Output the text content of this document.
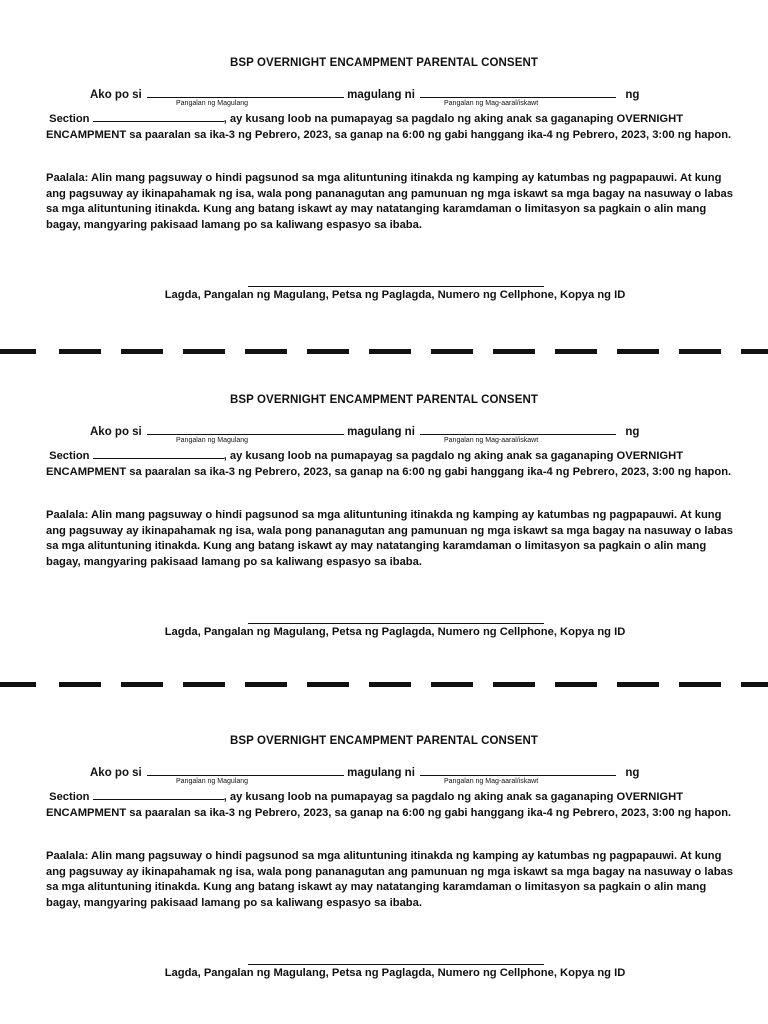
BSP OVERNIGHT ENCAMPMENT PARENTAL CONSENT
Ako po si	magulang ni	ng
Pangalan ng Magulang	Pangalan ng Mag-aaral/iskawt

Section	, ay kusang loob na pumapayag sa pagdalo ng aking anak sa gaganaping OVERNIGHT ENCAMPMENT sa paaralan sa ika-3 ng Pebrero, 2023, sa ganap na 6:00 ng gabi hanggang ika-4 ng Pebrero, 2023, 3:00 ng hapon.

Paalala: Alin mang pagsuway o hindi pagsunod sa mga alituntuning itinakda ng kamping ay katumbas ng pagpapauwi. At kung ang pagsuway ay ikinapahamak ng isa, wala pong pananagutan ang pamunuan ng mga iskawt sa mga bagay na nasuway o labas sa mga alituntuning itinakda. Kung ang batang iskawt ay may natatanging karamdaman o limitasyon sa pagkain o alin mang bagay, mangyaring pakisaad lamang po sa kaliwang espasyo sa ibaba.

Lagda, Pangalan ng Magulang, Petsa ng Paglagda, Numero ng Cellphone, Kopya ng ID
BSP OVERNIGHT ENCAMPMENT PARENTAL CONSENT
Ako po si	magulang ni	ng
Pangalan ng Magulang	Pangalan ng Mag-aaral/iskawt

Section	, ay kusang loob na pumapayag sa pagdalo ng aking anak sa gaganaping OVERNIGHT ENCAMPMENT sa paaralan sa ika-3 ng Pebrero, 2023, sa ganap na 6:00 ng gabi hanggang ika-4 ng Pebrero, 2023, 3:00 ng hapon.

Paalala: Alin mang pagsuway o hindi pagsunod sa mga alituntuning itinakda ng kamping ay katumbas ng pagpapauwi. At kung ang pagsuway ay ikinapahamak ng isa, wala pong pananagutan ang pamunuan ng mga iskawt sa mga bagay na nasuway o labas sa mga alituntuning itinakda. Kung ang batang iskawt ay may natatanging karamdaman o limitasyon sa pagkain o alin mang bagay, mangyaring pakisaad lamang po sa kaliwang espasyo sa ibaba.

Lagda, Pangalan ng Magulang, Petsa ng Paglagda, Numero ng Cellphone, Kopya ng ID
BSP OVERNIGHT ENCAMPMENT PARENTAL CONSENT
Ako po si	magulang ni	ng
Pangalan ng Magulang	Pangalan ng Mag-aaral/iskawt

Section	, ay kusang loob na pumapayag sa pagdalo ng aking anak sa gaganaping OVERNIGHT ENCAMPMENT sa paaralan sa ika-3 ng Pebrero, 2023, sa ganap na 6:00 ng gabi hanggang ika-4 ng Pebrero, 2023, 3:00 ng hapon.

Paalala: Alin mang pagsuway o hindi pagsunod sa mga alituntuning itinakda ng kamping ay katumbas ng pagpapauwi. At kung ang pagsuway ay ikinapahamak ng isa, wala pong pananagutan ang pamunuan ng mga iskawt sa mga bagay na nasuway o labas sa mga alituntuning itinakda. Kung ang batang iskawt ay may natatanging karamdaman o limitasyon sa pagkain o alin mang bagay, mangyaring pakisaad lamang po sa kaliwang espasyo sa ibaba.

Lagda, Pangalan ng Magulang, Petsa ng Paglagda, Numero ng Cellphone, Kopya ng ID
